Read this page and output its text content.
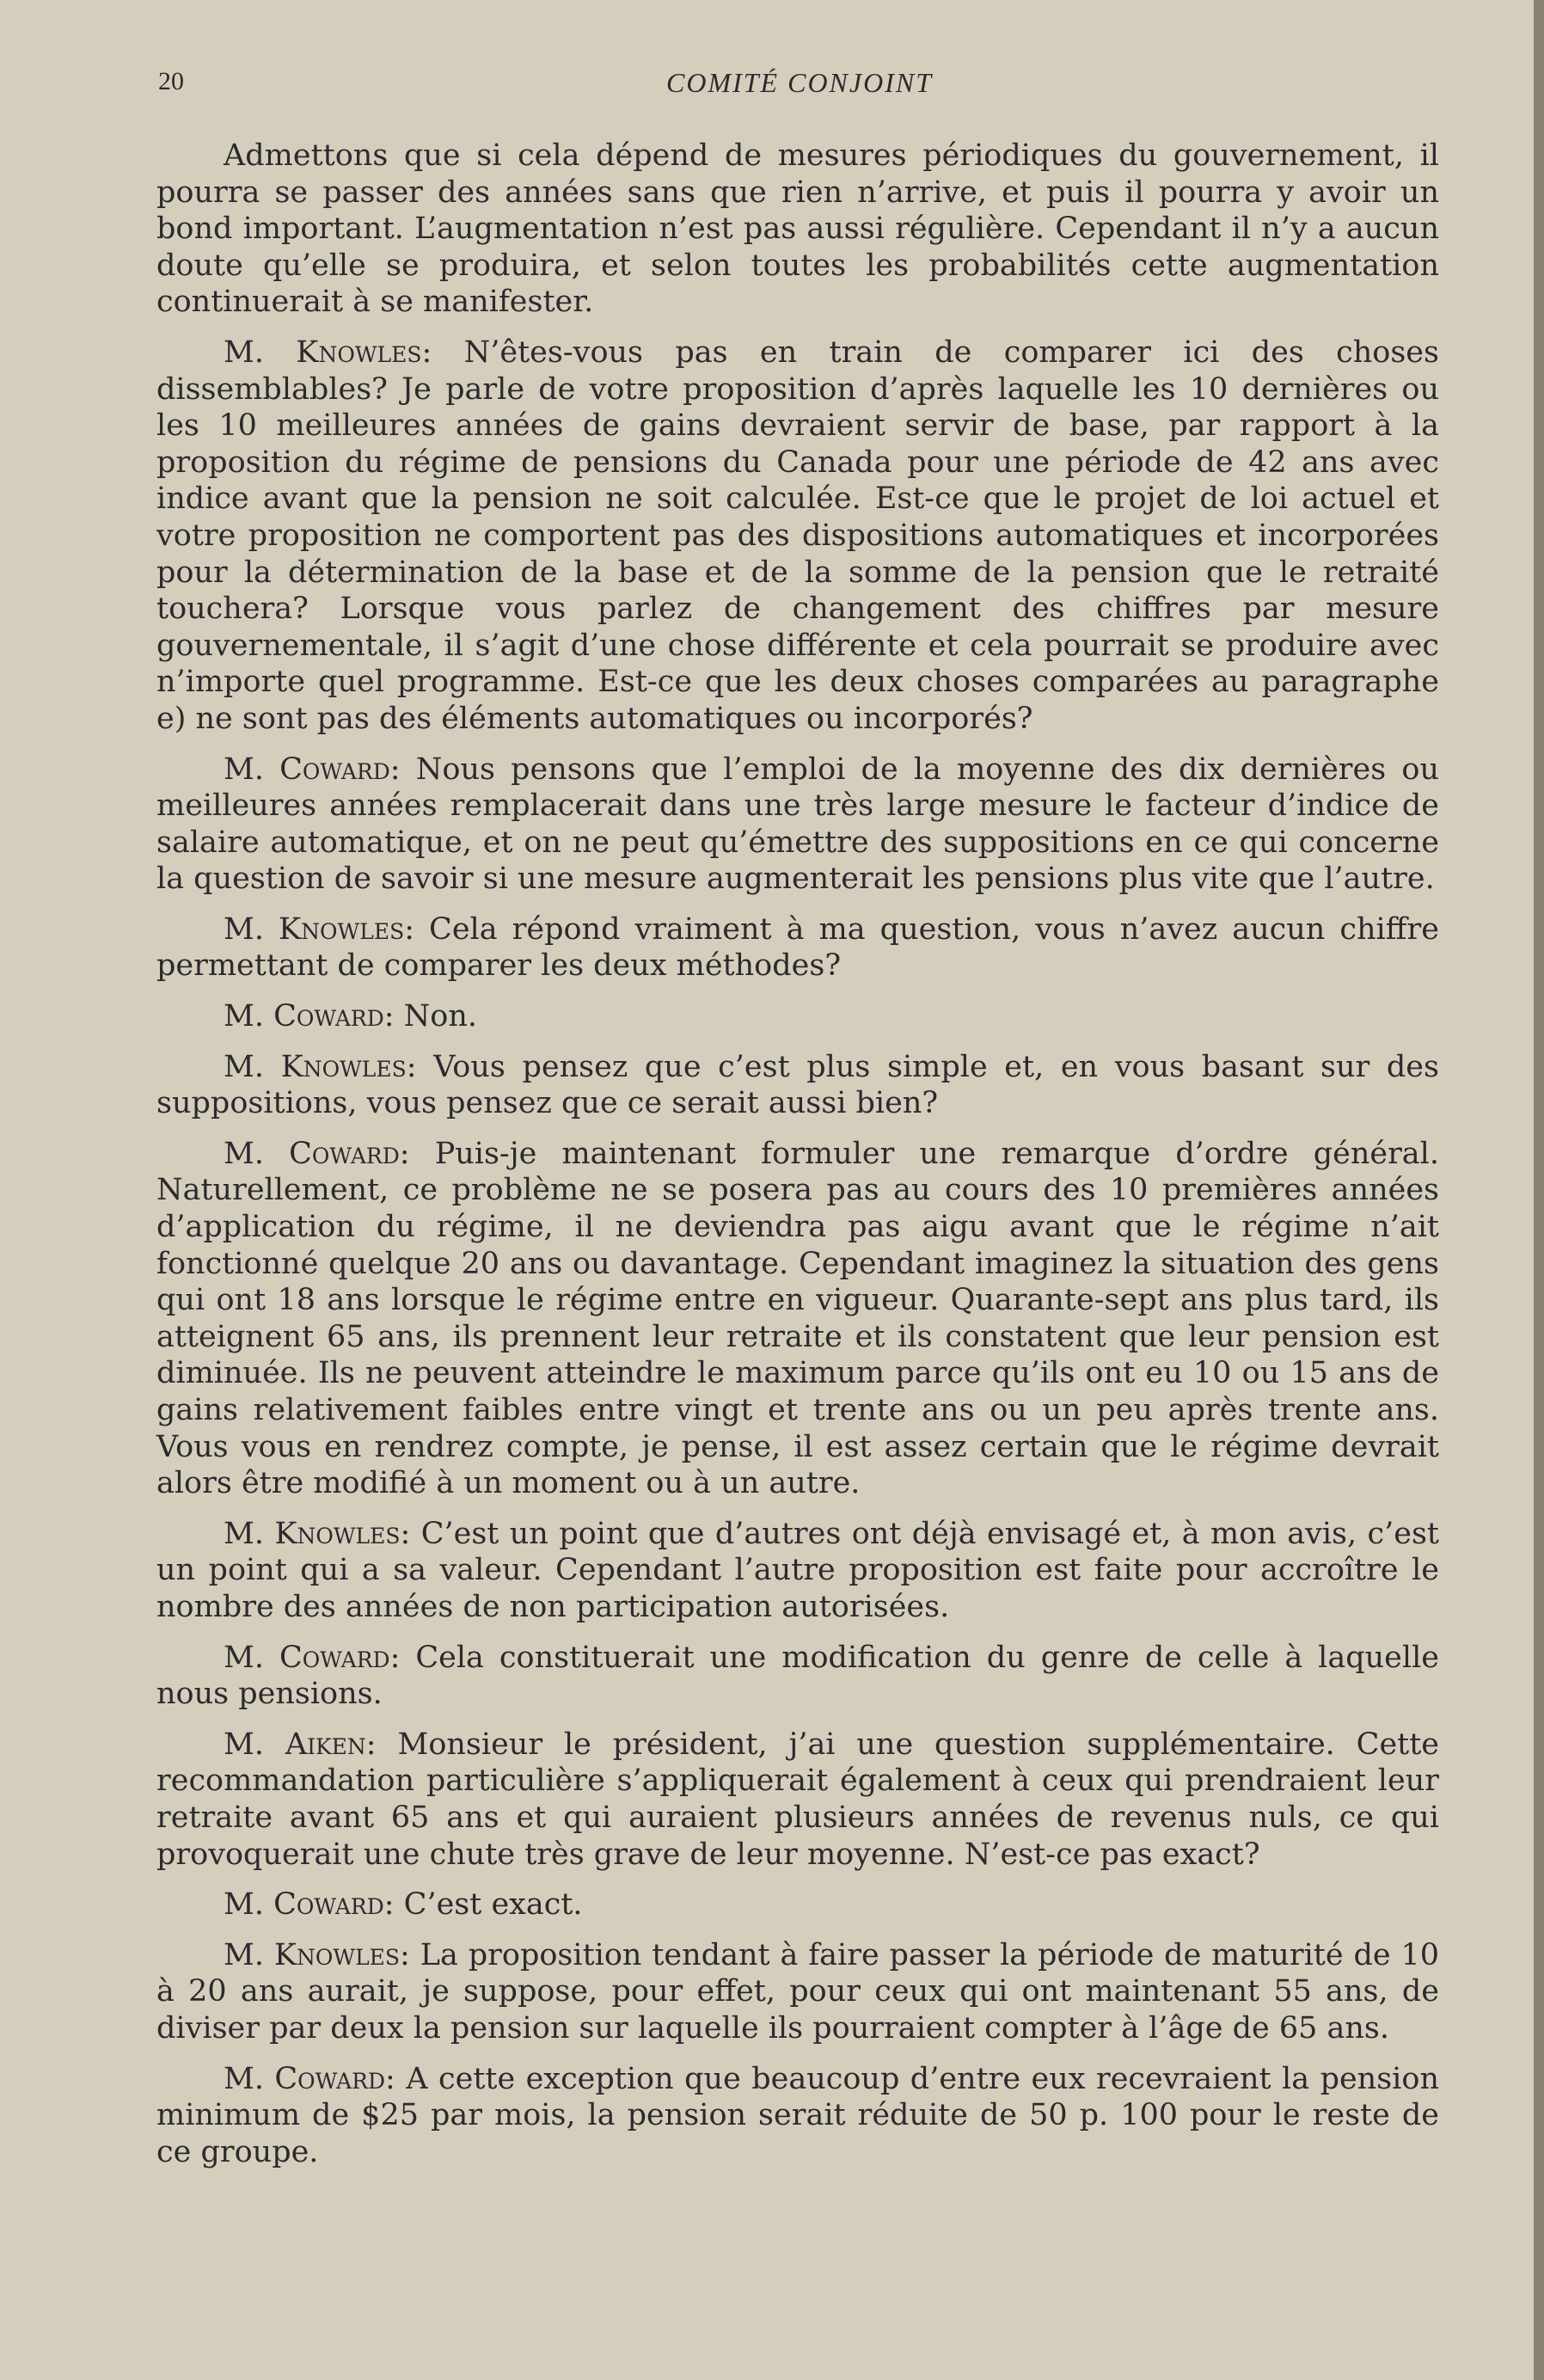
20	COMITÉ CONJOINT

Admettons que si cela dépend de mesures périodiques du gouvernement, il pourra se passer des années sans que rien n’arrive, et puis il pourra y avoir un bond important. L’augmentation n’est pas aussi régulière. Cependant il n’y a aucun doute qu’elle se produira, et selon toutes les probabilités cette augmentation continuerait à se manifester.

M. Knowles: N’êtes-vous pas en train de comparer ici des choses dissemblables? Je parle de votre proposition d’après laquelle les 10 dernières ou les 10 meilleures années de gains devraient servir de base, par rapport à la proposition du régime de pensions du Canada pour une période de 42 ans avec indice avant que la pension ne soit calculée. Est-ce que le projet de loi actuel et votre proposition ne comportent pas des dispositions automatiques et incorporées pour la détermination de la base et de la somme de la pension que le retraité touchera? Lorsque vous parlez de changement des chiffres par mesure gouvernementale, il s’agit d’une chose différente et cela pourrait se produire avec n’importe quel programme. Est-ce que les deux choses comparées au paragraphe e) ne sont pas des éléments automatiques ou incorporés?

M. Coward: Nous pensons que l’emploi de la moyenne des dix dernières ou meilleures années remplacerait dans une très large mesure le facteur d’indice de salaire automatique, et on ne peut qu’émettre des suppositions en ce qui concerne la question de savoir si une mesure augmenterait les pensions plus vite que l’autre.

M. Knowles: Cela répond vraiment à ma question, vous n’avez aucun chiffre permettant de comparer les deux méthodes?

M. Coward: Non.

M. Knowles: Vous pensez que c’est plus simple et, en vous basant sur des suppositions, vous pensez que ce serait aussi bien?

M. Coward: Puis-je maintenant formuler une remarque d’ordre général. Naturellement, ce problème ne se posera pas au cours des 10 premières années d’application du régime, il ne deviendra pas aigu avant que le régime n’ait fonctionné quelque 20 ans ou davantage. Cependant imaginez la situation des gens qui ont 18 ans lorsque le régime entre en vigueur. Quarante-sept ans plus tard, ils atteignent 65 ans, ils prennent leur retraite et ils constatent que leur pension est diminuée. Ils ne peuvent atteindre le maximum parce qu’ils ont eu 10 ou 15 ans de gains relativement faibles entre vingt et trente ans ou un peu après trente ans. Vous vous en rendrez compte, je pense, il est assez certain que le régime devrait alors être modifié à un moment ou à un autre.

M. Knowles: C’est un point que d’autres ont déjà envisagé et, à mon avis, c’est un point qui a sa valeur. Cependant l’autre proposition est faite pour accroître le nombre des années de non participation autorisées.

M. Coward: Cela constituerait une modification du genre de celle à laquelle nous pensions.

M. Aiken: Monsieur le président, j’ai une question supplémentaire. Cette recommandation particulière s’appliquerait également à ceux qui prendraient leur retraite avant 65 ans et qui auraient plusieurs années de revenus nuls, ce qui provoquerait une chute très grave de leur moyenne. N’est-ce pas exact?

M. Coward: C’est exact.

M. Knowles: La proposition tendant à faire passer la période de maturité de 10 à 20 ans aurait, je suppose, pour effet, pour ceux qui ont maintenant 55 ans, de diviser par deux la pension sur laquelle ils pourraient compter à l’âge de 65 ans.

M. Coward: A cette exception que beaucoup d’entre eux recevraient la pension minimum de $25 par mois, la pension serait réduite de 50 p. 100 pour le reste de ce groupe.
